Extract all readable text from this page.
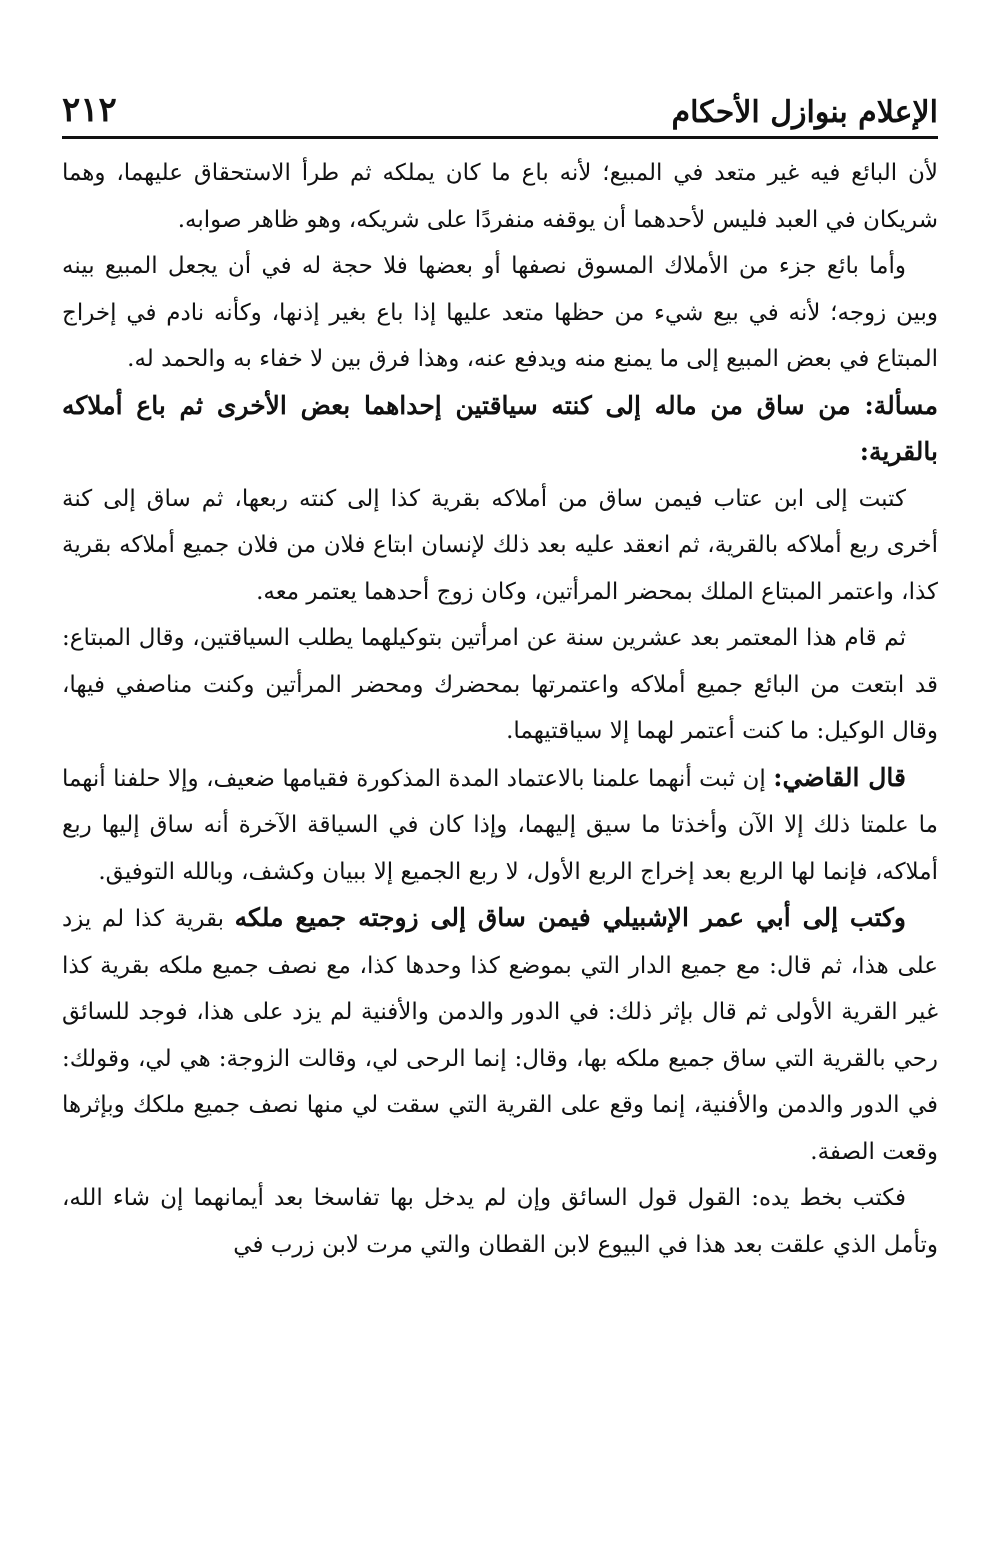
الإعلام بنوازل الأحكام
٢١٢

لأن البائع فيه غير متعد في المبيع؛ لأنه باع ما كان يملكه ثم طرأ الاستحقاق عليهما، وهما شريكان في العبد فليس لأحدهما أن يوقفه منفردًا على شريكه، وهو ظاهر صوابه.

وأما بائع جزء من الأملاك المسوق نصفها أو بعضها فلا حجة له في أن يجعل المبيع بينه وبين زوجه؛ لأنه في بيع شيء من حظها متعد عليها إذا باع بغير إذنها، وكأنه نادم في إخراج المبتاع في بعض المبيع إلى ما يمنع منه ويدفع عنه، وهذا فرق بين لا خفاء به والحمد له.

مسألة: من ساق من ماله إلى كنته سياقتين إحداهما بعض الأخرى ثم باع أملاكه بالقرية:

كتبت إلى ابن عتاب فيمن ساق من أملاكه بقرية كذا إلى كنته ربعها، ثم ساق إلى كنة أخرى ربع أملاكه بالقرية، ثم انعقد عليه بعد ذلك لإنسان ابتاع فلان من فلان جميع أملاكه بقرية كذا، واعتمر المبتاع الملك بمحضر المرأتين، وكان زوج أحدهما يعتمر معه.

ثم قام هذا المعتمر بعد عشرين سنة عن امرأتين بتوكيلهما يطلب السياقتين، وقال المبتاع: قد ابتعت من البائع جميع أملاكه واعتمرتها بمحضرك ومحضر المرأتين وكنت مناصفي فيها، وقال الوكيل: ما كنت أعتمر لهما إلا سياقتيهما.

قال القاضي: إن ثبت أنهما علمنا بالاعتماد المدة المذكورة فقيامها ضعيف، وإلا حلفنا أنهما ما علمتا ذلك إلا الآن وأخذتا ما سيق إليهما، وإذا كان في السياقة الآخرة أنه ساق إليها ربع أملاكه، فإنما لها الربع بعد إخراج الربع الأول، لا ربع الجميع إلا ببيان وكشف، وبالله التوفيق.

وكتب إلى أبي عمر الإشبيلي فيمن ساق إلى زوجته جميع ملكه بقرية كذا لم يزد على هذا، ثم قال: مع جميع الدار التي بموضع كذا وحدها كذا، مع نصف جميع ملكه بقرية كذا غير القرية الأولى ثم قال بإثر ذلك: في الدور والدمن والأفنية لم يزد على هذا، فوجد للسائق رحي بالقرية التي ساق جميع ملكه بها، وقال: إنما الرحى لي، وقالت الزوجة: هي لي، وقولك: في الدور والدمن والأفنية، إنما وقع على القرية التي سقت لي منها نصف جميع ملكك وبإثرها وقعت الصفة.

فكتب بخط يده: القول قول السائق وإن لم يدخل بها تفاسخا بعد أيمانهما إن شاء الله، وتأمل الذي علقت بعد هذا في البيوع لابن القطان والتي مرت لابن زرب في
